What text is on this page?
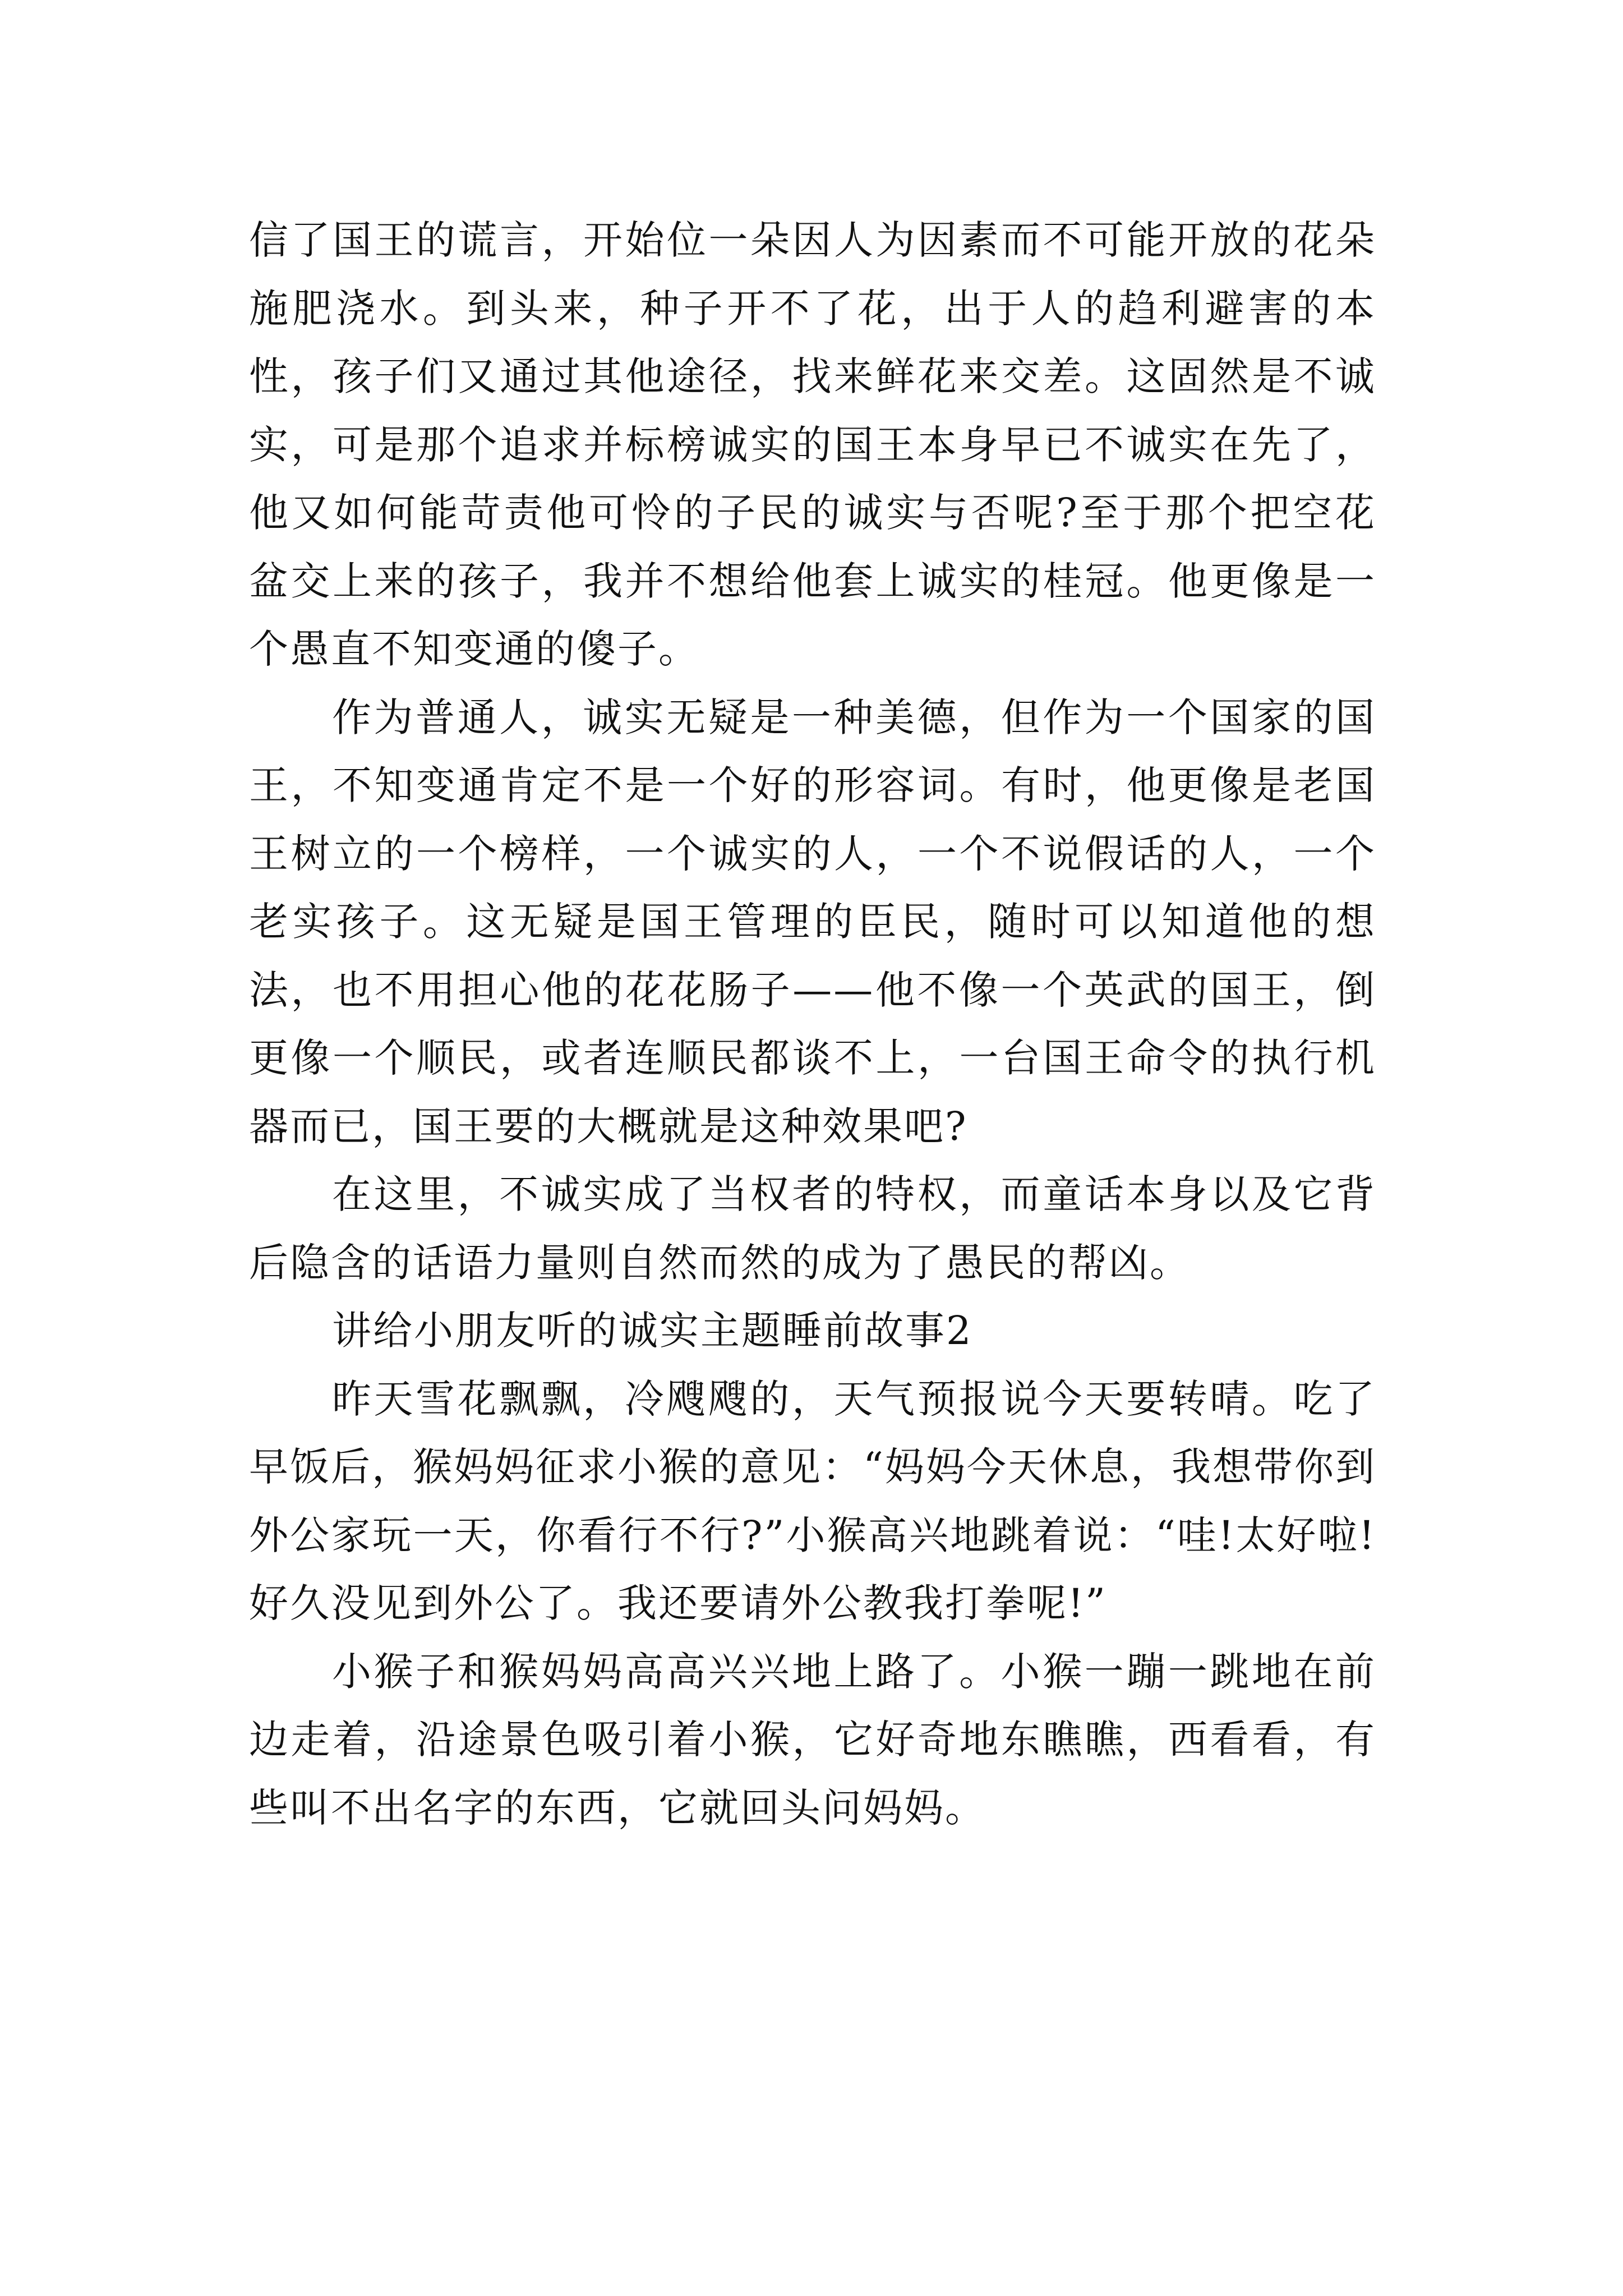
信了国王的谎言，开始位一朵因人为因素而不可能开放的花朵施肥浇水。到头来，种子开不了花，出于人的趋利避害的本性，孩子们又通过其他途径，找来鲜花来交差。这固然是不诚实，可是那个追求并标榜诚实的国王本身早已不诚实在先了，他又如何能苛责他可怜的子民的诚实与否呢?至于那个把空花盆交上来的孩子，我并不想给他套上诚实的桂冠。他更像是一个愚直不知变通的傻子。

作为普通人，诚实无疑是一种美德，但作为一个国家的国王，不知变通肯定不是一个好的形容词。有时，他更像是老国王树立的一个榜样，一个诚实的人，一个不说假话的人，一个老实孩子。这无疑是国王管理的臣民，随时可以知道他的想法，也不用担心他的花花肠子——他不像一个英武的国王，倒更像一个顺民，或者连顺民都谈不上，一台国王命令的执行机器而已，国王要的大概就是这种效果吧?

在这里，不诚实成了当权者的特权，而童话本身以及它背后隐含的话语力量则自然而然的成为了愚民的帮凶。

讲给小朋友听的诚实主题睡前故事2

昨天雪花飘飘，冷飕飕的，天气预报说今天要转晴。吃了早饭后，猴妈妈征求小猴的意见：“妈妈今天休息，我想带你到外公家玩一天，你看行不行?”小猴高兴地跳着说：“哇!太好啦!好久没见到外公了。我还要请外公教我打拳呢!”

小猴子和猴妈妈高高兴兴地上路了。小猴一蹦一跳地在前边走着，沿途景色吸引着小猴，它好奇地东瞧瞧，西看看，有些叫不出名字的东西，它就回头问妈妈。
